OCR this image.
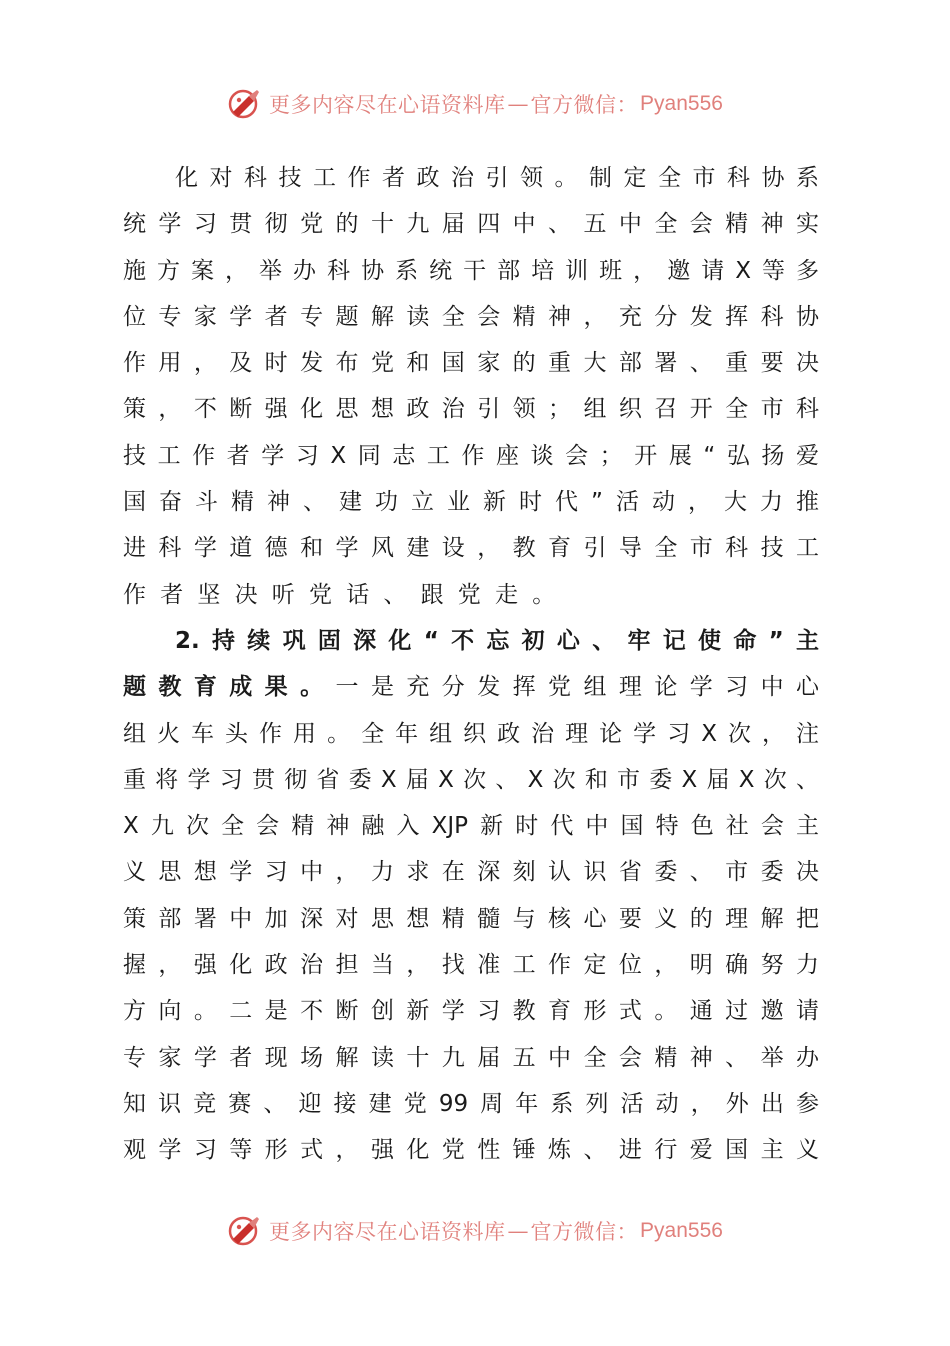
更多内容尽在心语资料库 — 官方微信： Pyan556
化对科技工作者政治引领。制定全市科协系
统学习贯彻党的十九届四中、五中全会精神实
施方案，举办科协系统干部培训班，邀请X等多
位专家学者专题解读全会精神，充分发挥科协
作用，及时发布党和国家的重大部署、重要决
策，不断强化思想政治引领；组织召开全市科
技工作者学习X同志工作座谈会；开展“弘扬爱
国奋斗精神、建功立业新时代”活动，大力推
进科学道德和学风建设，教育引导全市科技工
作者坚决听党话、跟党走。
2.持续巩固深化“不忘初心、牢记使命”主
题教育成果。一是充分发挥党组理论学习中心
组火车头作用。全年组织政治理论学习X次，注
重将学习贯彻省委X届X次、X次和市委X届X次、
X九次全会精神融入XJP新时代中国特色社会主
义思想学习中，力求在深刻认识省委、市委决
策部署中加深对思想精髓与核心要义的理解把
握，强化政治担当，找准工作定位，明确努力
方向。二是不断创新学习教育形式。通过邀请
专家学者现场解读十九届五中全会精神、举办
知识竞赛、迎接建党99周年系列活动，外出参
观学习等形式，强化党性锤炼、进行爱国主义
更多内容尽在心语资料库 — 官方微信： Pyan556
